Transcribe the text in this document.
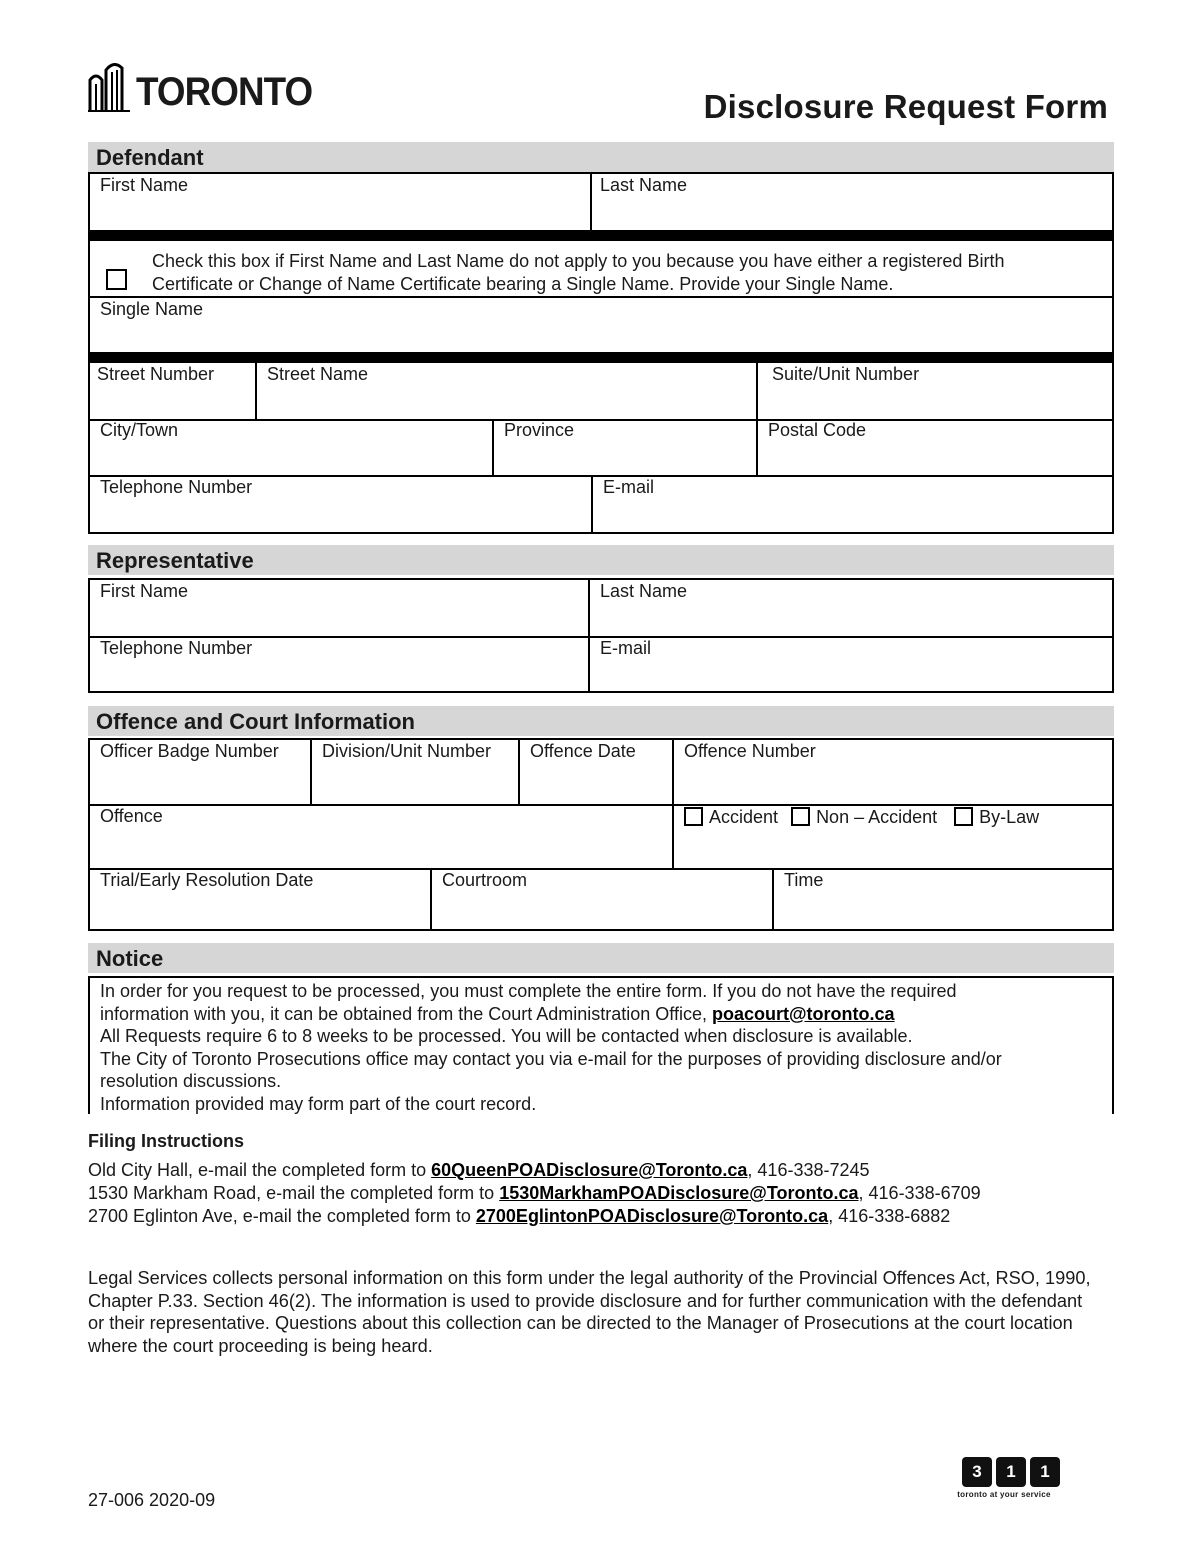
TORONTO	Disclosure Request Form
Defendant
First Name	Last Name
Check this box if First Name and Last Name do not apply to you because you have either a registered Birth
Certificate or Change of Name Certificate bearing a Single Name. Provide your Single Name.
Single Name
Street Number	Street Name	Suite/Unit Number
City/Town	Province	Postal Code
Telephone Number	E-mail
Representative
First Name	Last Name
Telephone Number	E-mail
Offence and Court Information
Officer Badge Number	Division/Unit Number	Offence Date	Offence Number
Offence	Accident Non – Accident By-Law
Trial/Early Resolution Date	Courtroom	Time
Notice
In order for you request to be processed, you must complete the entire form. If you do not have the required
information with you, it can be obtained from the Court Administration Office, poacourt@toronto.ca
All Requests require 6 to 8 weeks to be processed. You will be contacted when disclosure is available.
The City of Toronto Prosecutions office may contact you via e-mail for the purposes of providing disclosure and/or
resolution discussions.
Information provided may form part of the court record.
Filing Instructions
Old City Hall, e-mail the completed form to 60QueenPOADisclosure@Toronto.ca, 416-338-7245
1530 Markham Road, e-mail the completed form to 1530MarkhamPOADisclosure@Toronto.ca, 416-338-6709
2700 Eglinton Ave, e-mail the completed form to 2700EglintonPOADisclosure@Toronto.ca, 416-338-6882
Legal Services collects personal information on this form under the legal authority of the Provincial Offences Act, RSO, 1990, Chapter P.33. Section 46(2). The information is used to provide disclosure and for further communication with the defendant or their representative. Questions about this collection can be directed to the Manager of Prosecutions at the court location where the court proceeding is being heard.
27-006 2020-09
3	1	1
toronto at your service
